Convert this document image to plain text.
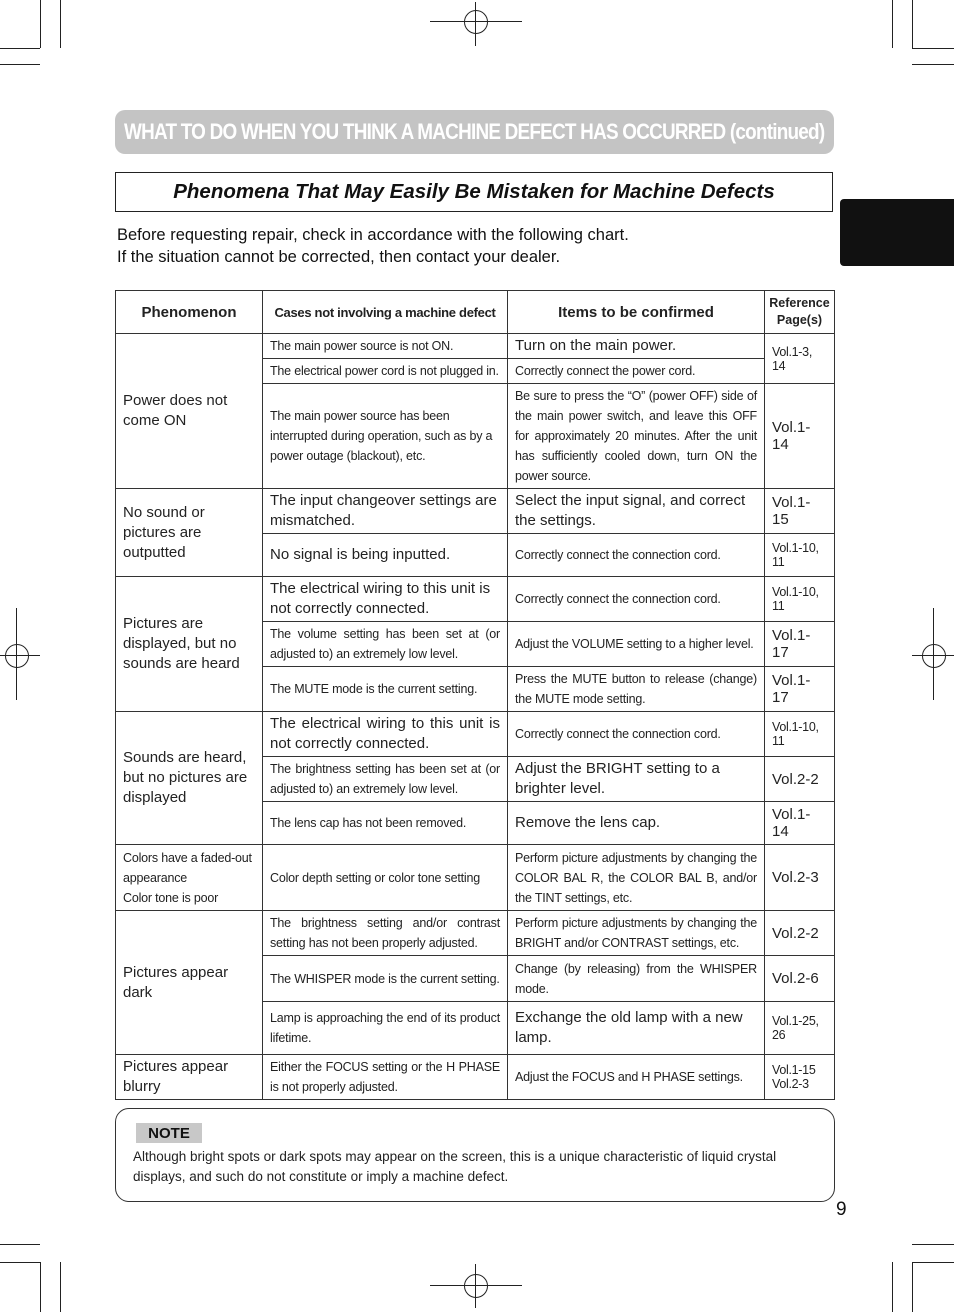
WHAT TO DO WHEN YOU THINK A MACHINE DEFECT HAS OCCURRED (continued)
Phenomena That May Easily Be Mistaken for Machine Defects
Before requesting repair, check in accordance with the following chart.
If the situation cannot be corrected, then contact your dealer.
Phenomenon	Cases not involving a machine defect	Items to be confirmed	Reference Page(s)
Power does not come ON	The main power source is not ON.	Turn on the main power.	Vol.1-3, 14
	The electrical power cord is not plugged in.	Correctly connect the power cord.	
	The main power source has been interrupted during operation, such as by a power outage (blackout), etc.	Be sure to press the “O” (power OFF) side of the main power switch, and leave this OFF for approximately 20 minutes. After the unit has sufficiently cooled down, turn ON the power source.	Vol.1-14
No sound or pictures are outputted	The input changeover settings are mismatched.	Select the input signal, and correct the settings.	Vol.1-15
	No signal is being inputted.	Correctly connect the connection cord.	Vol.1-10, 11
Pictures are displayed, but no sounds are heard	The electrical wiring to this unit is not correctly connected.	Correctly connect the connection cord.	Vol.1-10, 11
	The volume setting has been set at (or adjusted to) an extremely low level.	Adjust the VOLUME setting to a higher level.	Vol.1-17
	The MUTE mode is the current setting.	Press the MUTE button to release (change) the MUTE mode setting.	Vol.1-17
Sounds are heard, but no pictures are displayed	The electrical wiring to this unit is not correctly connected.	Correctly connect the connection cord.	Vol.1-10, 11
	The brightness setting has been set at (or adjusted to) an extremely low level.	Adjust the BRIGHT setting to a brighter level.	Vol.2-2
	The lens cap has not been removed.	Remove the lens cap.	Vol.1-14

Colors have a faded-out appearance
Color tone is poor	Color depth setting or color tone setting	Perform picture adjustments by changing the COLOR BAL R, the COLOR BAL B, and/or the TINT settings, etc.	Vol.2-3
Pictures appear dark	The brightness setting and/or contrast setting has not been properly adjusted.	Perform picture adjustments by changing the BRIGHT and/or CONTRAST settings, etc.	Vol.2-2
	The WHISPER mode is the current setting.	Change (by releasing) from the WHISPER mode.	Vol.2-6
	Lamp is approaching the end of its product lifetime.	Exchange the old lamp with a new lamp.	Vol.1-25, 26
Pictures appear blurry	Either the FOCUS setting or the H PHASE is not properly adjusted.	Adjust the FOCUS and H PHASE settings.	Vol.1-15
Vol.2-3
NOTE
Although bright spots or dark spots may appear on the screen, this is a unique characteristic of liquid crystal displays, and such do not constitute or imply a machine defect.
9
